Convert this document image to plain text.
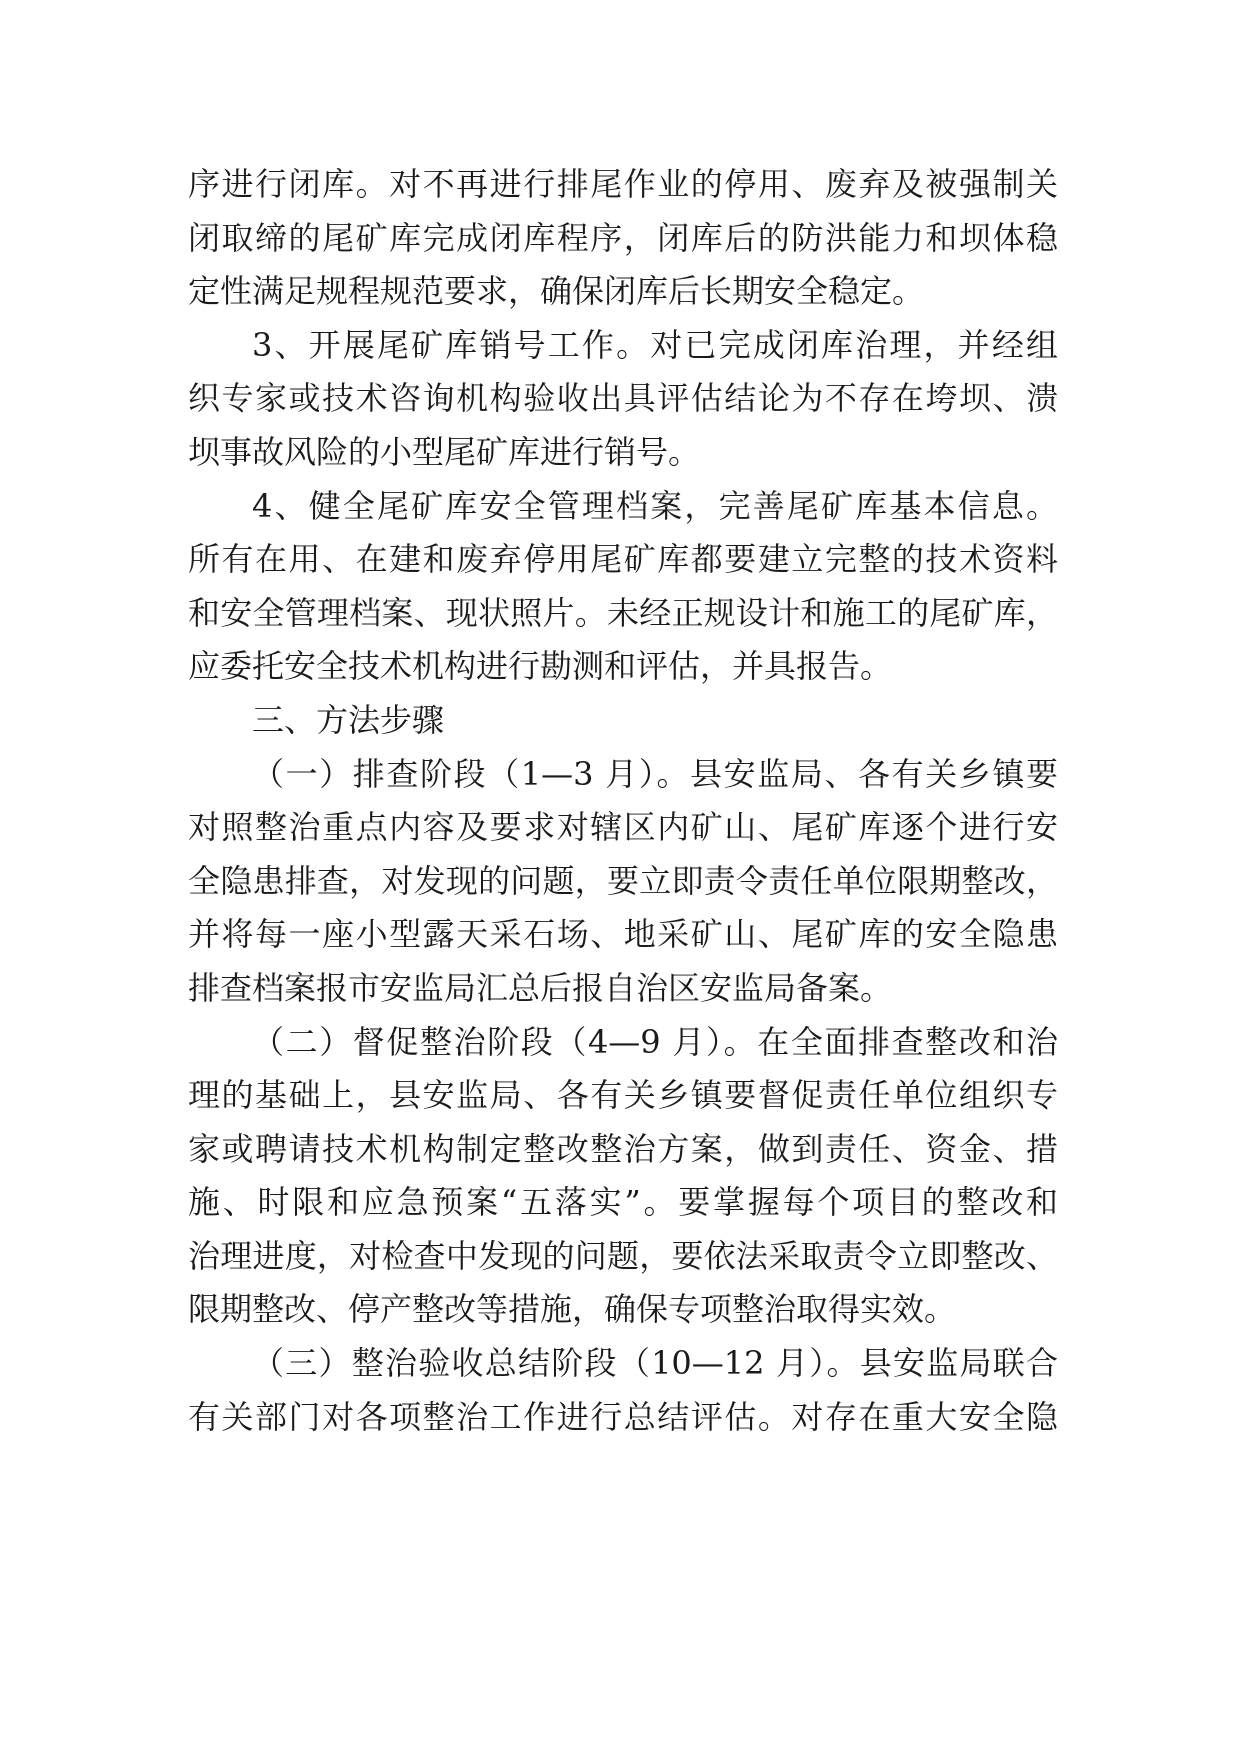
序进行闭库。对不再进行排尾作业的停用、废弃及被强制关
闭取缔的尾矿库完成闭库程序，闭库后的防洪能力和坝体稳
定性满足规程规范要求，确保闭库后长期安全稳定。
3、开展尾矿库销号工作。对已完成闭库治理，并经组
织专家或技术咨询机构验收出具评估结论为不存在垮坝、溃
坝事故风险的小型尾矿库进行销号。
4、健全尾矿库安全管理档案，完善尾矿库基本信息。
所有在用、在建和废弃停用尾矿库都要建立完整的技术资料
和安全管理档案、现状照片。未经正规设计和施工的尾矿库，
应委托安全技术机构进行勘测和评估，并具报告。
三、方法步骤
（一）排查阶段（1—3 月）。县安监局、各有关乡镇要
对照整治重点内容及要求对辖区内矿山、尾矿库逐个进行安
全隐患排查，对发现的问题，要立即责令责任单位限期整改，
并将每一座小型露天采石场、地采矿山、尾矿库的安全隐患
排查档案报市安监局汇总后报自治区安监局备案。
（二）督促整治阶段（4—9 月）。在全面排查整改和治
理的基础上，县安监局、各有关乡镇要督促责任单位组织专
家或聘请技术机构制定整改整治方案，做到责任、资金、措
施、时限和应急预案“五落实”。要掌握每个项目的整改和
治理进度，对检查中发现的问题，要依法采取责令立即整改、
限期整改、停产整改等措施，确保专项整治取得实效。
（三）整治验收总结阶段（10—12 月）。县安监局联合
有关部门对各项整治工作进行总结评估。对存在重大安全隐
